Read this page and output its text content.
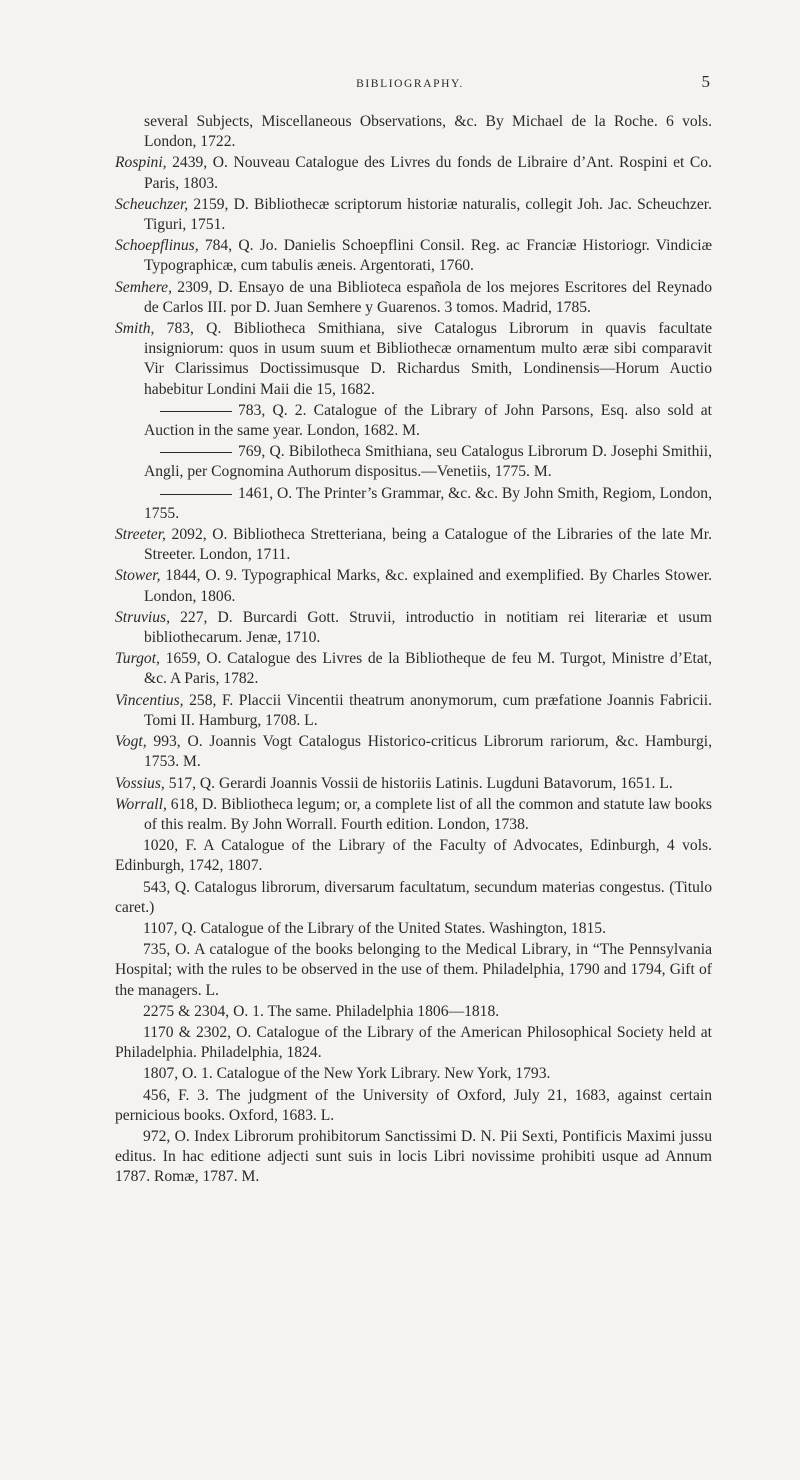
BIBLIOGRAPHY.	5

several Subjects, Miscellaneous Observations, &c. By Michael de la Roche. 6 vols. London, 1722.

Rospini, 2439, O. Nouveau Catalogue des Livres du fonds de Libraire d’Ant. Rospini et Co. Paris, 1803.

Scheuchzer, 2159, D. Bibliothecæ scriptorum historiæ naturalis, collegit Joh. Jac. Scheuchzer. Tiguri, 1751.

Schoepflinus, 784, Q. Jo. Danielis Schoepflini Consil. Reg. ac Franciæ Historiogr. Vindiciæ Typographicæ, cum tabulis æneis. Argentorati, 1760.

Semhere, 2309, D. Ensayo de una Biblioteca española de los mejores Escritores del Reynado de Carlos III. por D. Juan Semhere y Guarenos. 3 tomos. Madrid, 1785.

Smith, 783, Q. Bibliotheca Smithiana, sive Catalogus Librorum in quavis facultate insigniorum: quos in usum suum et Bibliothecæ ornamentum multo æræ sibi comparavit Vir Clarissimus Doctissimusque D. Richardus Smith, Londinensis—Horum Auctio habebitur Londini Maii die 15, 1682.

783, Q. 2. Catalogue of the Library of John Parsons, Esq. also sold at Auction in the same year. London, 1682. M.

769, Q. Bibilotheca Smithiana, seu Catalogus Librorum D. Josephi Smithii, Angli, per Cognomina Authorum dispositus.—Venetiis, 1775. M.

1461, O. The Printer’s Grammar, &c. &c. By John Smith, Regiom, London, 1755.

Streeter, 2092, O. Bibliotheca Stretteriana, being a Catalogue of the Libraries of the late Mr. Streeter. London, 1711.

Stower, 1844, O. 9. Typographical Marks, &c. explained and exemplified. By Charles Stower. London, 1806.

Struvius, 227, D. Burcardi Gott. Struvii, introductio in notitiam rei literariæ et usum bibliothecarum. Jenæ, 1710.

Turgot, 1659, O. Catalogue des Livres de la Bibliotheque de feu M. Turgot, Ministre d’Etat, &c. A Paris, 1782.

Vincentius, 258, F. Placcii Vincentii theatrum anonymorum, cum præfatione Joannis Fabricii. Tomi II. Hamburg, 1708. L.

Vogt, 993, O. Joannis Vogt Catalogus Historico-criticus Librorum rariorum, &c. Hamburgi, 1753. M.

Vossius, 517, Q. Gerardi Joannis Vossii de historiis Latinis. Lugduni Batavorum, 1651. L.

Worrall, 618, D. Bibliotheca legum; or, a complete list of all the common and statute law books of this realm. By John Worrall. Fourth edition. London, 1738.

1020, F. A Catalogue of the Library of the Faculty of Advocates, Edinburgh, 4 vols. Edinburgh, 1742, 1807.

543, Q. Catalogus librorum, diversarum facultatum, secundum materias congestus. (Titulo caret.)

1107, Q. Catalogue of the Library of the United States. Washington, 1815.

735, O. A catalogue of the books belonging to the Medical Library, in “The Pennsylvania Hospital; with the rules to be observed in the use of them. Philadelphia, 1790 and 1794, Gift of the managers. L.

2275 & 2304, O. 1. The same. Philadelphia 1806—1818.

1170 & 2302, O. Catalogue of the Library of the American Philosophical Society held at Philadelphia. Philadelphia, 1824.

1807, O. 1. Catalogue of the New York Library. New York, 1793.

456, F. 3. The judgment of the University of Oxford, July 21, 1683, against certain pernicious books. Oxford, 1683. L.

972, O. Index Librorum prohibitorum Sanctissimi D. N. Pii Sexti, Pontificis Maximi jussu editus. In hac editione adjecti sunt suis in locis Libri novissime prohibiti usque ad Annum 1787. Romæ, 1787. M.
